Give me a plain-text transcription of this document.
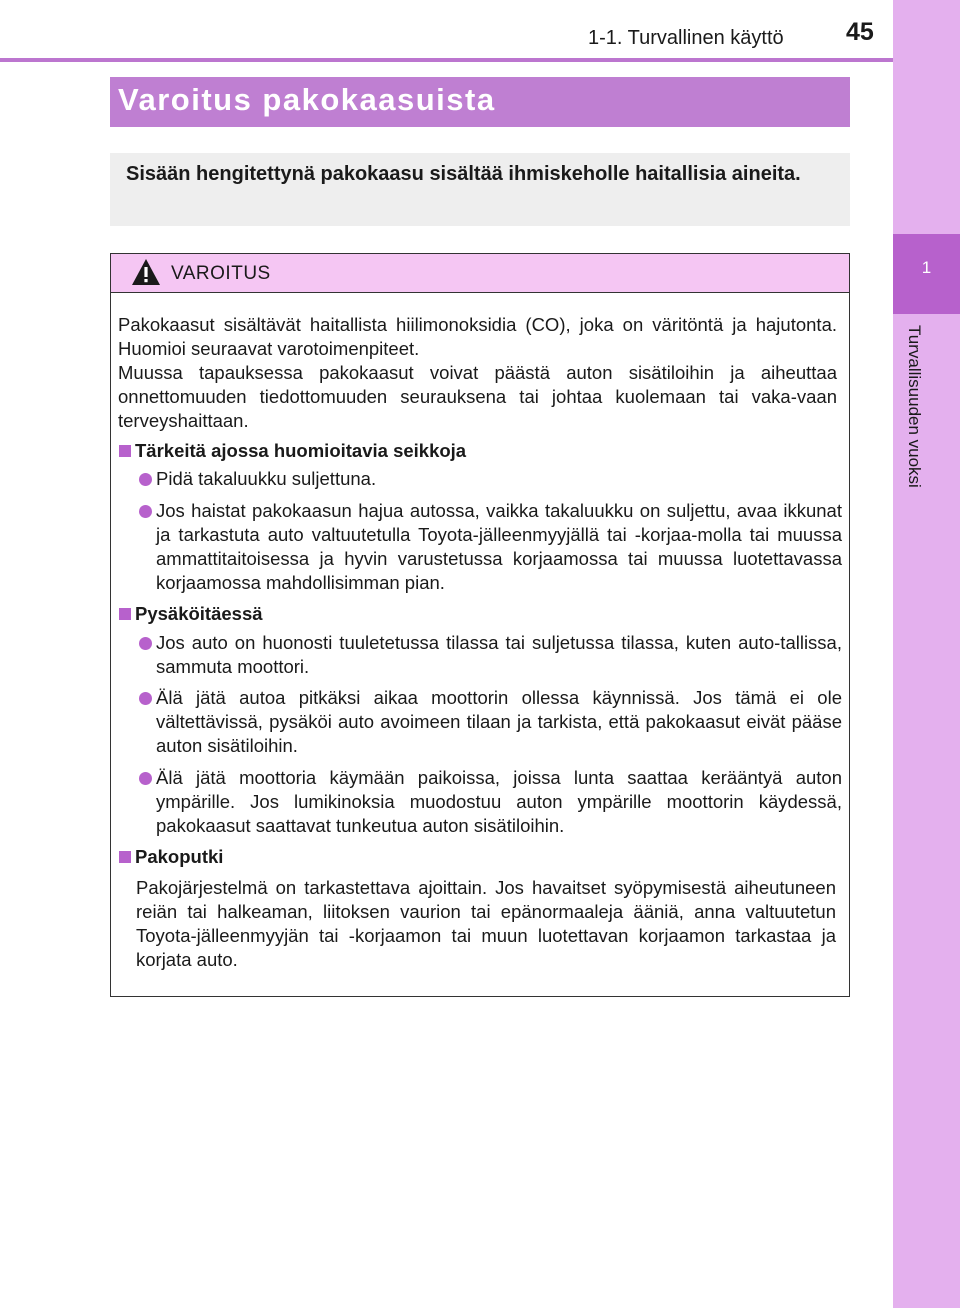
1
Turvallisuuden vuoksi
1-1. Turvallinen käyttö 45
Varoitus pakokaasuista

Sisään hengitettynä pakokaasu sisältää ihmiskeholle haitallisia aineita.

VAROITUS
Pakokaasut sisältävät haitallista hiilimonoksidia (CO), joka on väritöntä ja hajutonta. Huomioi seuraavat varotoimenpiteet.
Muussa tapauksessa pakokaasut voivat päästä auton sisätiloihin ja aiheuttaa onnettomuuden tiedottomuuden seurauksena tai johtaa kuolemaan tai vaka-vaan terveyshaittaan.
Tärkeitä ajossa huomioitavia seikkoja
Pidä takaluukku suljettuna.
Jos haistat pakokaasun hajua autossa, vaikka takaluukku on suljettu, avaa ikkunat ja tarkastuta auto valtuutetulla Toyota-jälleenmyyjällä tai -korjaa-molla tai muussa ammattitaitoisessa ja hyvin varustetussa korjaamossa tai muussa luotettavassa korjaamossa mahdollisimman pian.
Pysäköitäessä
Jos auto on huonosti tuuletetussa tilassa tai suljetussa tilassa, kuten auto-tallissa, sammuta moottori.
Älä jätä autoa pitkäksi aikaa moottorin ollessa käynnissä. Jos tämä ei ole vältettävissä, pysäköi auto avoimeen tilaan ja tarkista, että pakokaasut eivät pääse auton sisätiloihin.
Älä jätä moottoria käymään paikoissa, joissa lunta saattaa kerääntyä auton ympärille. Jos lumikinoksia muodostuu auton ympärille moottorin käydessä, pakokaasut saattavat tunkeutua auton sisätiloihin.
Pakoputki
Pakojärjestelmä on tarkastettava ajoittain. Jos havaitset syöpymisestä aiheutuneen reiän tai halkeaman, liitoksen vaurion tai epänormaaleja ääniä, anna valtuutetun Toyota-jälleenmyyjän tai -korjaamon tai muun luotettavan korjaamon tarkastaa ja korjata auto.
